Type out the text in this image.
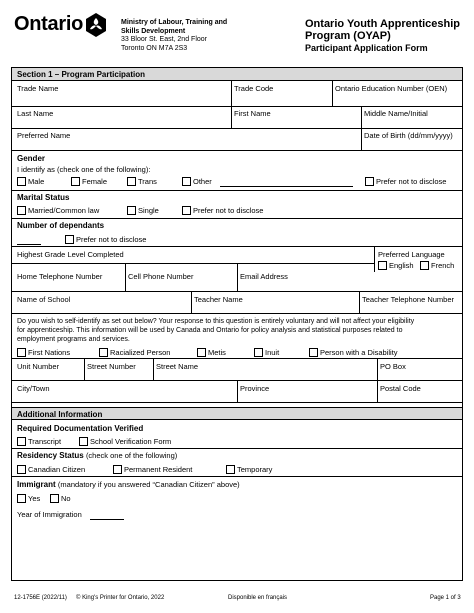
Ontario	Ministry of Labour, Training and
Skills Development
33 Bloor St. East, 2nd Floor
Toronto ON M7A 2S3
Ontario Youth Apprenticeship
Program (OYAP)
Participant Application Form
Section 1 – Program Participation
Trade Name	Trade Code	Ontario Education Number (OEN)
Last Name	First Name	Middle Name/Initial
Preferred Name	Date of Birth (dd/mm/yyyy)
Gender
I identify as (check one of the following):
Male	Female	Trans	Other	Prefer not to disclose
Marital Status
Married/Common law	Single	Prefer not to disclose
Number of dependants
Prefer not to disclose
Highest Grade Level Completed	Preferred Language
English French
Home Telephone Number	Cell Phone Number	Email Address
Name of School	Teacher Name	Teacher Telephone Number
Do you wish to self-identify as set out below? Your response to this question is entirely voluntary and will not affect your eligibility
for apprenticeship. This information will be used by Canada and Ontario for policy analysis and statistical purposes related to
employment programs and services.
First Nations	Racialized Person	Metis	Inuit	Person with a Disability
Unit Number	Street Number	Street Name	PO Box
City/Town	Province	Postal Code
Additional Information
Required Documentation Verified
Transcript	School Verification Form
Residency Status (check one of the following)
Canadian Citizen	Permanent Resident	Temporary
Immigrant (mandatory if you answered “Canadian Citizen” above)
Yes	No
Year of Immigration
12-1756E (2022/11) © King's Printer for Ontario, 2022	Disponible en français	Page 1 of 3
